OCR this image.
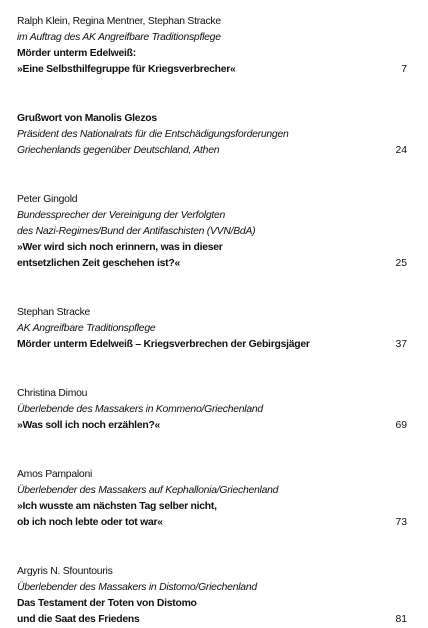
Ralph Klein, Regina Mentner, Stephan Stracke
im Auftrag des AK Angreifbare Traditionspflege
Mörder unterm Edelweiß:
»Eine Selbsthilfegruppe für Kriegsverbrecher«	7
Grußwort von Manolis Glezos
Präsident des Nationalrats für die Entschädigungsforderungen
Griechenlands gegenüber Deutschland, Athen	24
Peter Gingold
Bundessprecher der Vereinigung der Verfolgten
des Nazi-Regimes/Bund der Antifaschisten (VVN/BdA)
»Wer wird sich noch erinnern, was in dieser
entsetzlichen Zeit geschehen ist?«	25
Stephan Stracke
AK Angreifbare Traditionspflege
Mörder unterm Edelweiß – Kriegsverbrechen der Gebirgsjäger	37
Christina Dimou
Überlebende des Massakers in Kommeno/Griechenland
»Was soll ich noch erzählen?«	69
Amos Pampaloni
Überlebender des Massakers auf Kephallonia/Griechenland
»Ich wusste am nächsten Tag selber nicht,
ob ich noch lebte oder tot war«	73
Argyris N. Sfountouris
Überlebender des Massakers in Distomo/Griechenland
Das Testament der Toten von Distomo
und die Saat des Friedens	81
